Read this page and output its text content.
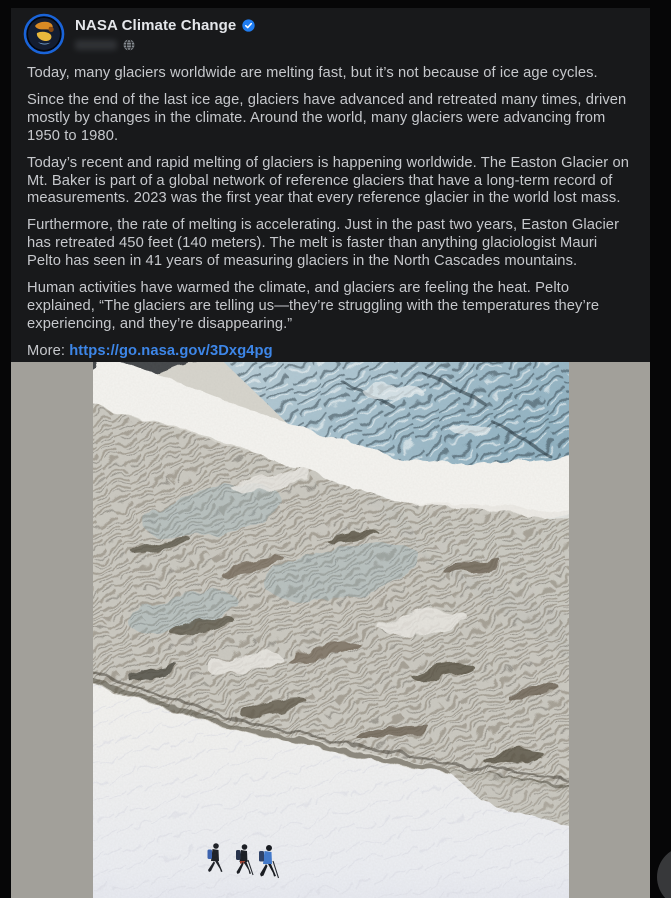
NASA Climate Change

Today, many glaciers worldwide are melting fast, but it’s not because of ice age cycles.

Since the end of the last ice age, glaciers have advanced and retreated many times, driven mostly by changes in the climate. Around the world, many glaciers were advancing from 1950 to 1980.

Today’s recent and rapid melting of glaciers is happening worldwide. The Easton Glacier on Mt. Baker is part of a global network of reference glaciers that have a long-term record of measurements. 2023 was the first year that every reference glacier in the world lost mass.

Furthermore, the rate of melting is accelerating. Just in the past two years, Easton Glacier has retreated 450 feet (140 meters). The melt is faster than anything glaciologist Mauri Pelto has seen in 41 years of measuring glaciers in the North Cascades mountains.

Human activities have warmed the climate, and glaciers are feeling the heat. Pelto explained, “The glaciers are telling us—they’re struggling with the temperatures they’re experiencing, and they’re disappearing.”

More: https://go.nasa.gov/3Dxg4pg
